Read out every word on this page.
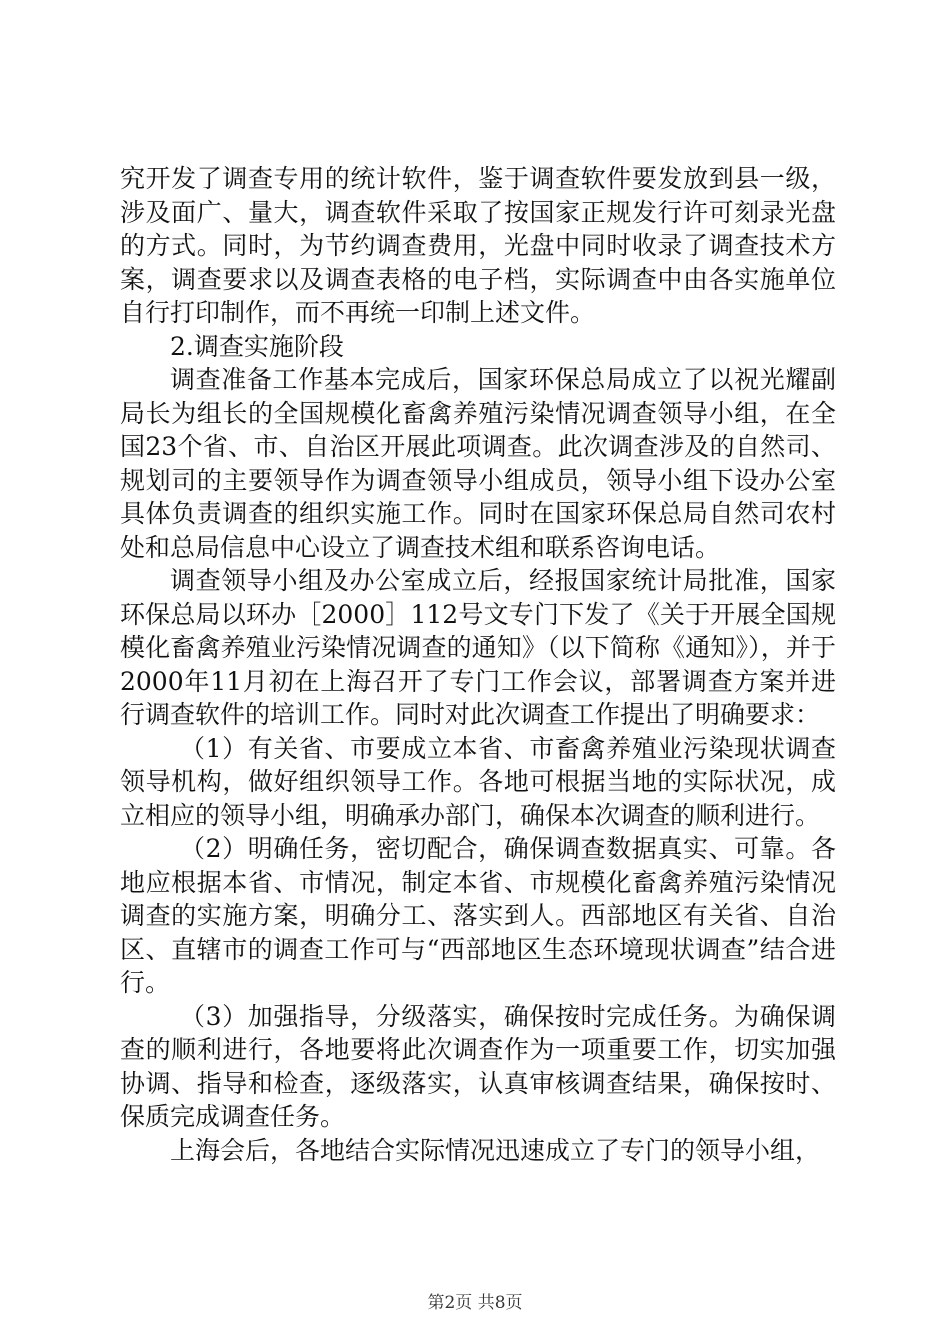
究开发了调查专用的统计软件，鉴于调查软件要发放到县一级，涉及面广、量大，调查软件采取了按国家正规发行许可刻录光盘的方式。同时，为节约调查费用，光盘中同时收录了调查技术方案，调查要求以及调查表格的电子档，实际调查中由各实施单位自行打印制作，而不再统一印制上述文件。

2.调查实施阶段

调查准备工作基本完成后，国家环保总局成立了以祝光耀副局长为组长的全国规模化畜禽养殖污染情况调查领导小组，在全国23个省、市、自治区开展此项调查。此次调查涉及的自然司、规划司的主要领导作为调查领导小组成员，领导小组下设办公室具体负责调查的组织实施工作。同时在国家环保总局自然司农村处和总局信息中心设立了调查技术组和联系咨询电话。

调查领导小组及办公室成立后，经报国家统计局批准，国家环保总局以环办［2000］112号文专门下发了《关于开展全国规模化畜禽养殖业污染情况调查的通知》（以下简称《通知》），并于2000年11月初在上海召开了专门工作会议，部署调查方案并进行调查软件的培训工作。同时对此次调查工作提出了明确要求：

（1）有关省、市要成立本省、市畜禽养殖业污染现状调查领导机构，做好组织领导工作。各地可根据当地的实际状况，成立相应的领导小组，明确承办部门，确保本次调查的顺利进行。

（2）明确任务，密切配合，确保调查数据真实、可靠。各地应根据本省、市情况，制定本省、市规模化畜禽养殖污染情况调查的实施方案，明确分工、落实到人。西部地区有关省、自治区、直辖市的调查工作可与“西部地区生态环境现状调查”结合进行。

（3）加强指导，分级落实，确保按时完成任务。为确保调查的顺利进行，各地要将此次调查作为一项重要工作，切实加强协调、指导和检查，逐级落实，认真审核调查结果，确保按时、保质完成调查任务。

上海会后，各地结合实际情况迅速成立了专门的领导小组，

第2页 共8页
